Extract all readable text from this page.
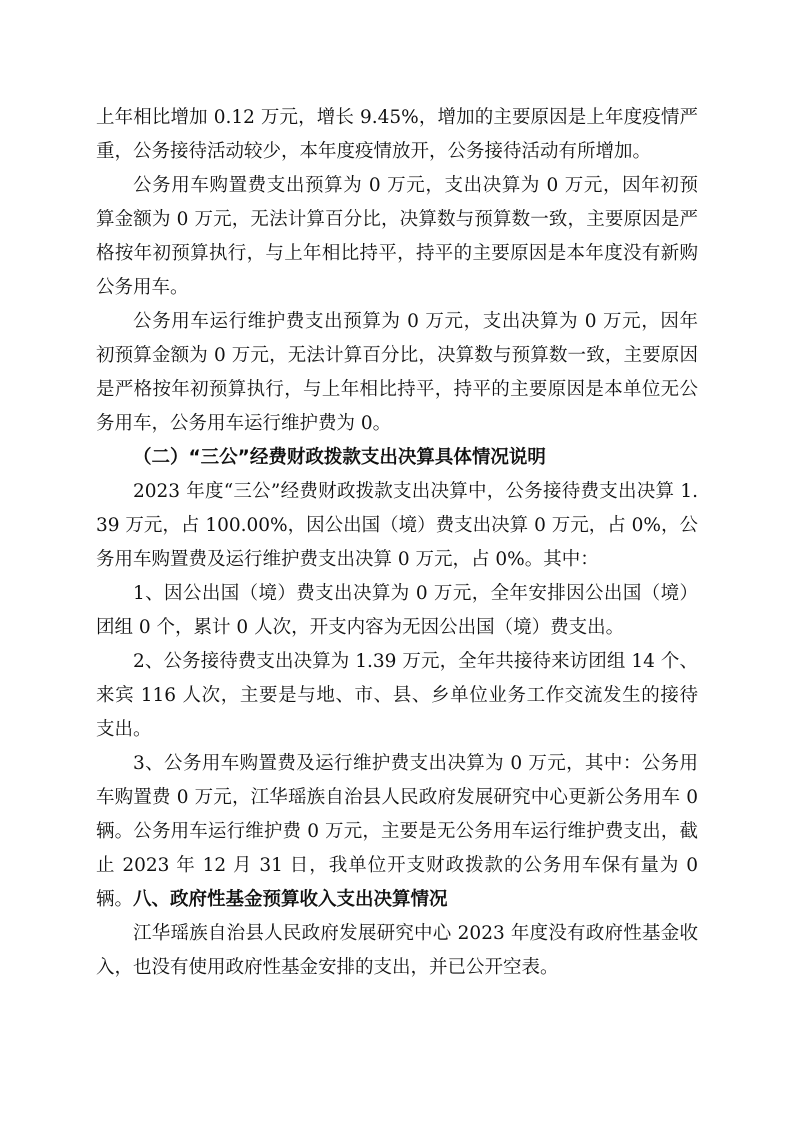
上年相比增加 0.12 万元，增长 9.45%，增加的主要原因是上年度疫情严重，公务接待活动较少，本年度疫情放开，公务接待活动有所增加。

公务用车购置费支出预算为 0 万元，支出决算为 0 万元，因年初预算金额为 0 万元，无法计算百分比，决算数与预算数一致，主要原因是严格按年初预算执行，与上年相比持平，持平的主要原因是本年度没有新购公务用车。

公务用车运行维护费支出预算为 0 万元，支出决算为 0 万元，因年初预算金额为 0 万元，无法计算百分比，决算数与预算数一致，主要原因是严格按年初预算执行，与上年相比持平，持平的主要原因是本单位无公务用车，公务用车运行维护费为 0。

（二）“三公”经费财政拨款支出决算具体情况说明

2023 年度“三公”经费财政拨款支出决算中，公务接待费支出决算 1.39 万元，占 100.00%，因公出国（境）费支出决算 0 万元，占 0%，公务用车购置费及运行维护费支出决算 0 万元，占 0%。其中：

1、因公出国（境）费支出决算为 0 万元，全年安排因公出国（境）团组 0 个，累计 0 人次，开支内容为无因公出国（境）费支出。

2、公务接待费支出决算为 1.39 万元，全年共接待来访团组 14 个、来宾 116 人次，主要是与地、市、县、乡单位业务工作交流发生的接待支出。

3、公务用车购置费及运行维护费支出决算为 0 万元，其中：公务用车购置费 0 万元，江华瑶族自治县人民政府发展研究中心更新公务用车 0 辆。公务用车运行维护费 0 万元，主要是无公务用车运行维护费支出，截止 2023 年 12 月 31 日，我单位开支财政拨款的公务用车保有量为 0 辆。 八、政府性基金预算收入支出决算情况

江华瑶族自治县人民政府发展研究中心 2023 年度没有政府性基金收入，也没有使用政府性基金安排的支出，并已公开空表。
